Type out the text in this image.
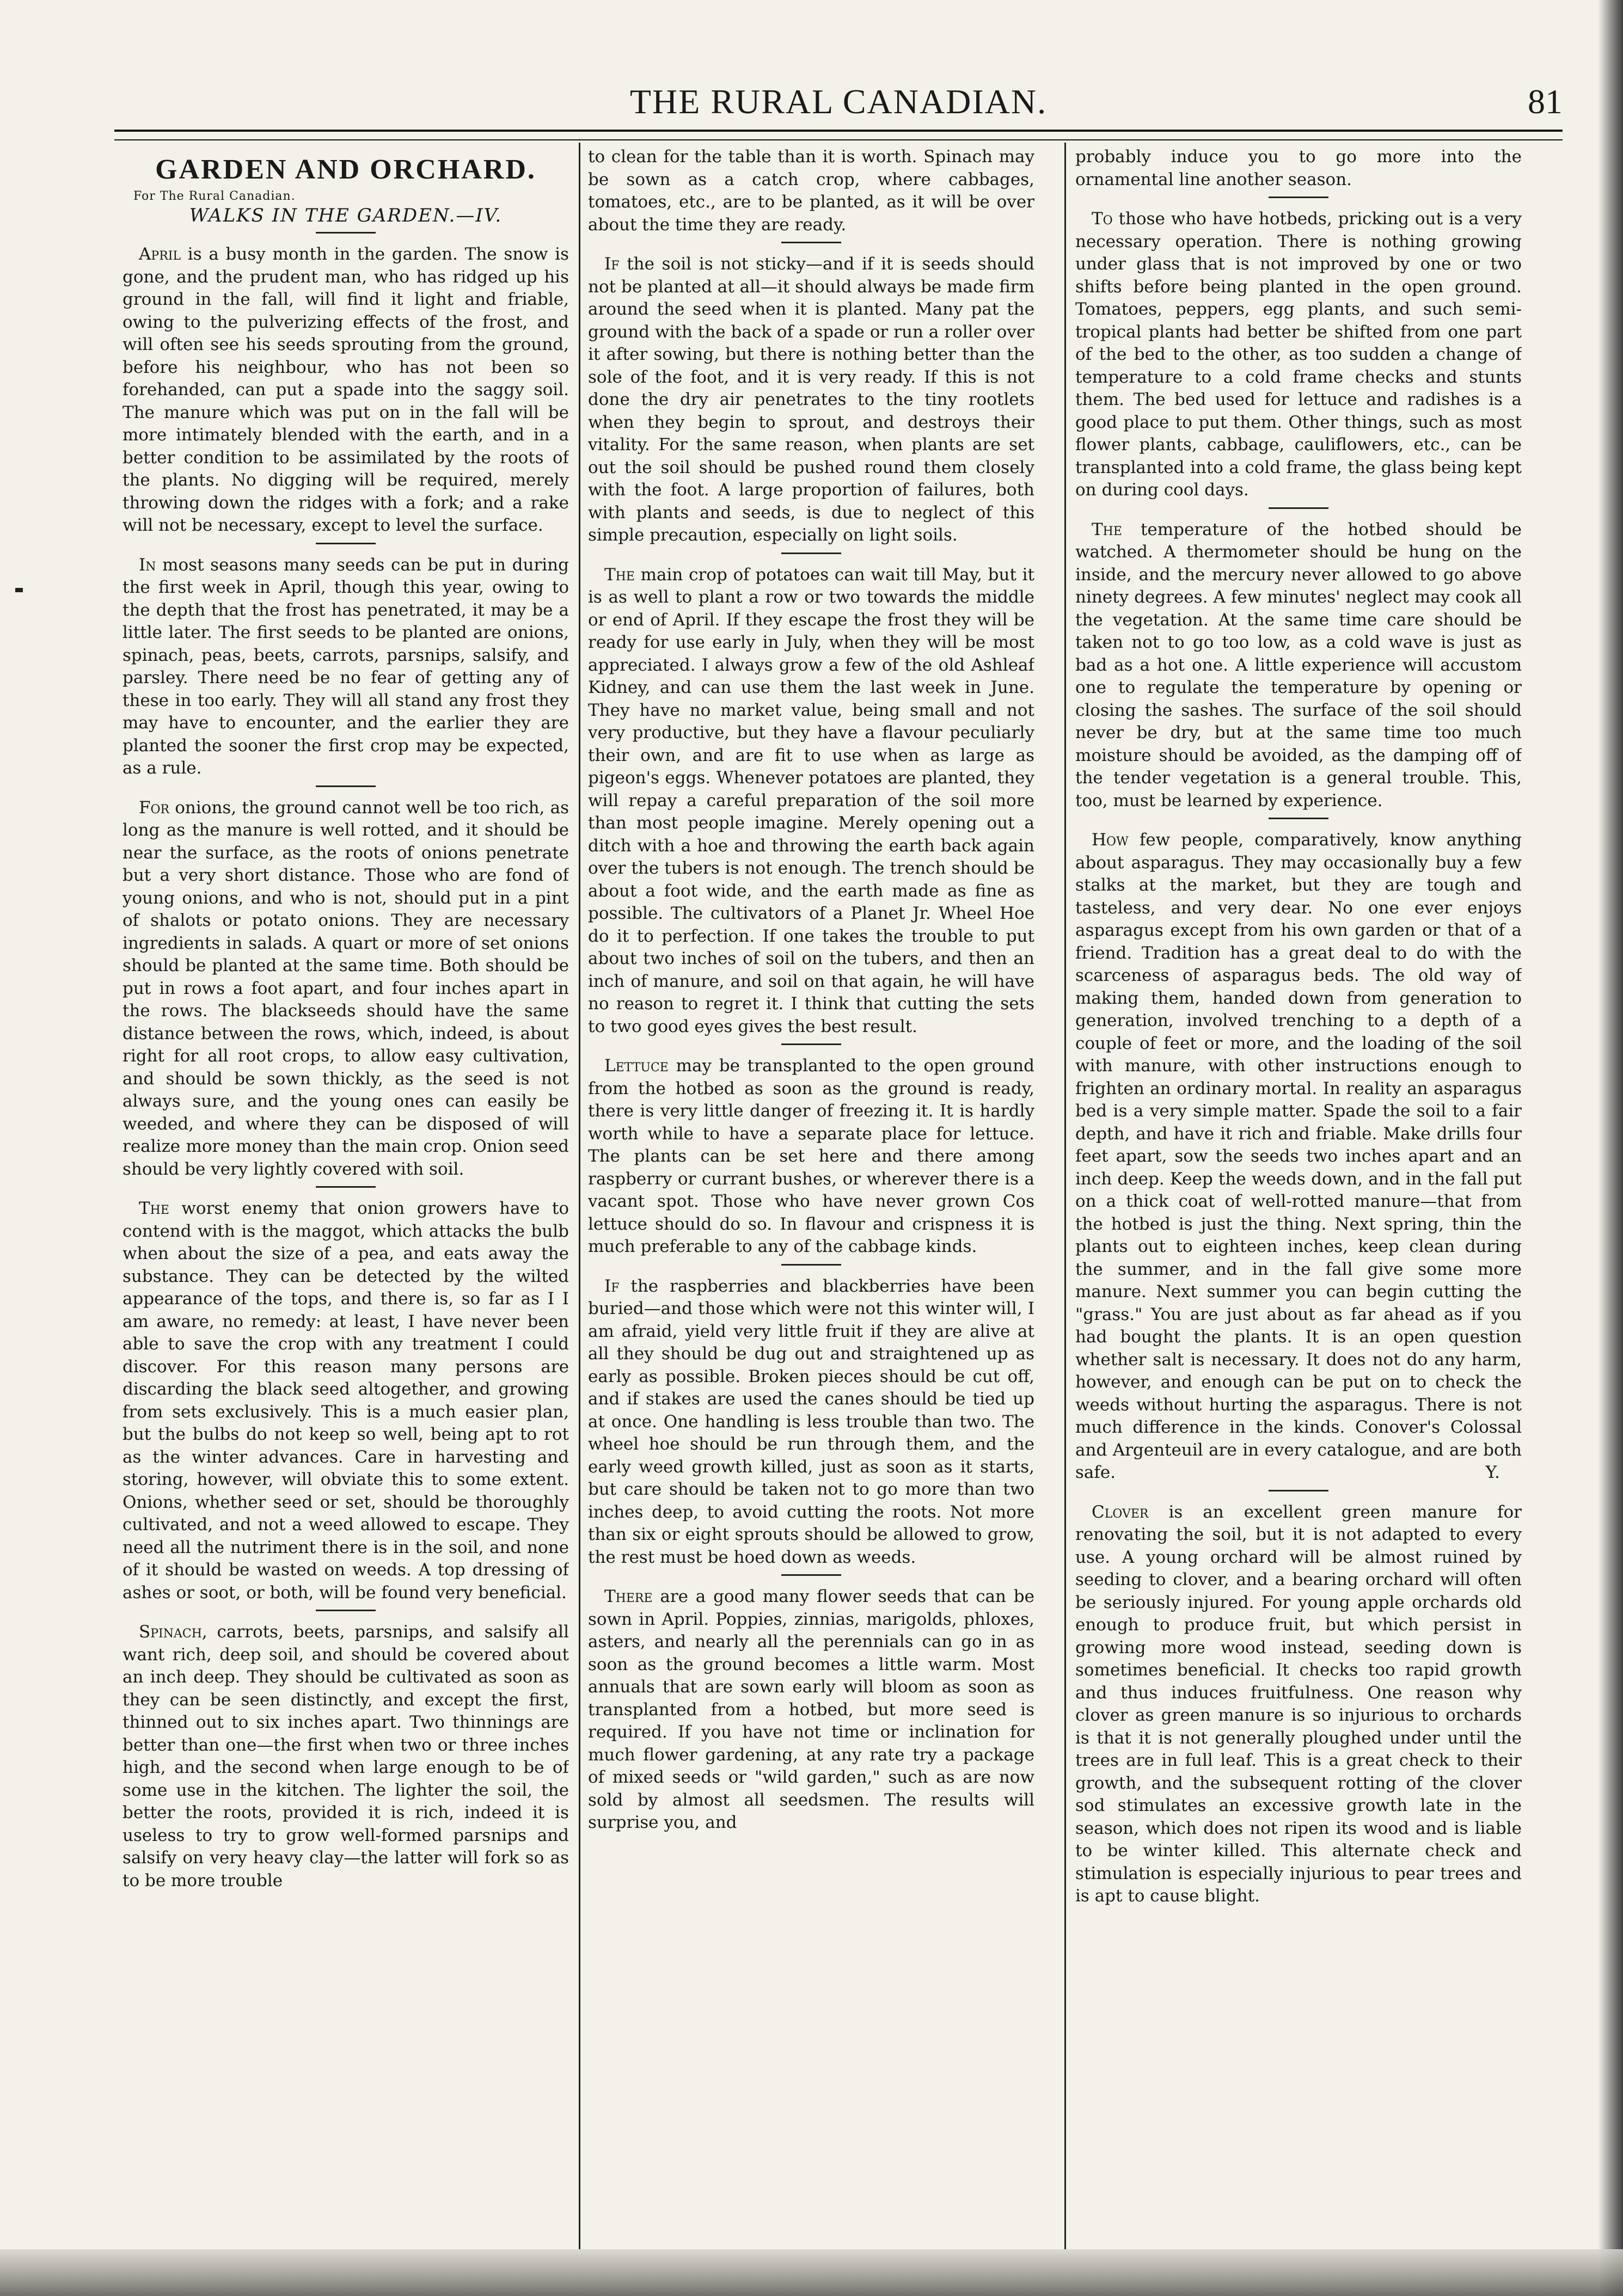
THE RURAL CANADIAN.	81
GARDEN AND ORCHARD.
For The Rural Canadian.
WALKS IN THE GARDEN.—IV.

April is a busy month in the garden. The snow is gone, and the prudent man, who has ridged up his ground in the fall, will find it light and friable, owing to the pulverizing effects of the frost, and will often see his seeds sprouting from the ground, before his neighbour, who has not been so forehanded, can put a spade into the saggy soil. The manure which was put on in the fall will be more intimately blended with the earth, and in a better condition to be assimilated by the roots of the plants. No digging will be required, merely throwing down the ridges with a fork; and a rake will not be necessary, except to level the surface.

In most seasons many seeds can be put in during the first week in April, though this year, owing to the depth that the frost has penetrated, it may be a little later. The first seeds to be planted are onions, spinach, peas, beets, carrots, parsnips, salsify, and parsley. There need be no fear of getting any of these in too early. They will all stand any frost they may have to encounter, and the earlier they are planted the sooner the first crop may be expected, as a rule.

For onions, the ground cannot well be too rich, as long as the manure is well rotted, and it should be near the surface, as the roots of onions penetrate but a very short distance. Those who are fond of young onions, and who is not, should put in a pint of shalots or potato onions. They are necessary ingredients in salads. A quart or more of set onions should be planted at the same time. Both should be put in rows a foot apart, and four inches apart in the rows. The blackseeds should have the same distance between the rows, which, indeed, is about right for all root crops, to allow easy cultivation, and should be sown thickly, as the seed is not always sure, and the young ones can easily be weeded, and where they can be disposed of will realize more money than the main crop. Onion seed should be very lightly covered with soil.

The worst enemy that onion growers have to contend with is the maggot, which attacks the bulb when about the size of a pea, and eats away the substance. They can be detected by the wilted appearance of the tops, and there is, so far as I I am aware, no remedy: at least, I have never been able to save the crop with any treatment I could discover. For this reason many persons are discarding the black seed altogether, and growing from sets exclusively. This is a much easier plan, but the bulbs do not keep so well, being apt to rot as the winter advances. Care in harvesting and storing, however, will obviate this to some extent. Onions, whether seed or set, should be thoroughly cultivated, and not a weed allowed to escape. They need all the nutriment there is in the soil, and none of it should be wasted on weeds. A top dressing of ashes or soot, or both, will be found very beneficial.

Spinach, carrots, beets, parsnips, and salsify all want rich, deep soil, and should be covered about an inch deep. They should be cultivated as soon as they can be seen distinctly, and except the first, thinned out to six inches apart. Two thinnings are better than one—the first when two or three inches high, and the second when large enough to be of some use in the kitchen. The lighter the soil, the better the roots, provided it is rich, indeed it is useless to try to grow well-formed parsnips and salsify on very heavy clay—the latter will fork so as to be more trouble

to clean for the table than it is worth. Spinach may be sown as a catch crop, where cabbages, tomatoes, etc., are to be planted, as it will be over about the time they are ready.

If the soil is not sticky—and if it is seeds should not be planted at all—it should always be made firm around the seed when it is planted. Many pat the ground with the back of a spade or run a roller over it after sowing, but there is nothing better than the sole of the foot, and it is very ready. If this is not done the dry air penetrates to the tiny rootlets when they begin to sprout, and destroys their vitality. For the same reason, when plants are set out the soil should be pushed round them closely with the foot. A large proportion of failures, both with plants and seeds, is due to neglect of this simple precaution, especially on light soils.

The main crop of potatoes can wait till May, but it is as well to plant a row or two towards the middle or end of April. If they escape the frost they will be ready for use early in July, when they will be most appreciated. I always grow a few of the old Ashleaf Kidney, and can use them the last week in June. They have no market value, being small and not very productive, but they have a flavour peculiarly their own, and are fit to use when as large as pigeon's eggs. Whenever potatoes are planted, they will repay a careful preparation of the soil more than most people imagine. Merely opening out a ditch with a hoe and throwing the earth back again over the tubers is not enough. The trench should be about a foot wide, and the earth made as fine as possible. The cultivators of a Planet Jr. Wheel Hoe do it to perfection. If one takes the trouble to put about two inches of soil on the tubers, and then an inch of manure, and soil on that again, he will have no reason to regret it. I think that cutting the sets to two good eyes gives the best result.

Lettuce may be transplanted to the open ground from the hotbed as soon as the ground is ready, there is very little danger of freezing it. It is hardly worth while to have a separate place for lettuce. The plants can be set here and there among raspberry or currant bushes, or wherever there is a vacant spot. Those who have never grown Cos lettuce should do so. In flavour and crispness it is much preferable to any of the cabbage kinds.

If the raspberries and blackberries have been buried—and those which were not this winter will, I am afraid, yield very little fruit if they are alive at all they should be dug out and straightened up as early as possible. Broken pieces should be cut off, and if stakes are used the canes should be tied up at once. One handling is less trouble than two. The wheel hoe should be run through them, and the early weed growth killed, just as soon as it starts, but care should be taken not to go more than two inches deep, to avoid cutting the roots. Not more than six or eight sprouts should be allowed to grow, the rest must be hoed down as weeds.

There are a good many flower seeds that can be sown in April. Poppies, zinnias, marigolds, phloxes, asters, and nearly all the perennials can go in as soon as the ground becomes a little warm. Most annuals that are sown early will bloom as soon as transplanted from a hotbed, but more seed is required. If you have not time or inclination for much flower gardening, at any rate try a package of mixed seeds or "wild garden," such as are now sold by almost all seedsmen. The results will surprise you, and

probably induce you to go more into the ornamental line another season.

To those who have hotbeds, pricking out is a very necessary operation. There is nothing growing under glass that is not improved by one or two shifts before being planted in the open ground. Tomatoes, peppers, egg plants, and such semi-tropical plants had better be shifted from one part of the bed to the other, as too sudden a change of temperature to a cold frame checks and stunts them. The bed used for lettuce and radishes is a good place to put them. Other things, such as most flower plants, cabbage, cauliflowers, etc., can be transplanted into a cold frame, the glass being kept on during cool days.

The temperature of the hotbed should be watched. A thermometer should be hung on the inside, and the mercury never allowed to go above ninety degrees. A few minutes' neglect may cook all the vegetation. At the same time care should be taken not to go too low, as a cold wave is just as bad as a hot one. A little experience will accustom one to regulate the temperature by opening or closing the sashes. The surface of the soil should never be dry, but at the same time too much moisture should be avoided, as the damping off of the tender vegetation is a general trouble. This, too, must be learned by experience.

How few people, comparatively, know anything about asparagus. They may occasionally buy a few stalks at the market, but they are tough and tasteless, and very dear. No one ever enjoys asparagus except from his own garden or that of a friend. Tradition has a great deal to do with the scarceness of asparagus beds. The old way of making them, handed down from generation to generation, involved trenching to a depth of a couple of feet or more, and the loading of the soil with manure, with other instructions enough to frighten an ordinary mortal. In reality an asparagus bed is a very simple matter. Spade the soil to a fair depth, and have it rich and friable. Make drills four feet apart, sow the seeds two inches apart and an inch deep. Keep the weeds down, and in the fall put on a thick coat of well-rotted manure—that from the hotbed is just the thing. Next spring, thin the plants out to eighteen inches, keep clean during the summer, and in the fall give some more manure. Next summer you can begin cutting the "grass." You are just about as far ahead as if you had bought the plants. It is an open question whether salt is necessary. It does not do any harm, however, and enough can be put on to check the weeds without hurting the asparagus. There is not much difference in the kinds. Conover's Colossal and Argenteuil are in every catalogue, and are both safe.	Y.

Clover is an excellent green manure for renovating the soil, but it is not adapted to every use. A young orchard will be almost ruined by seeding to clover, and a bearing orchard will often be seriously injured. For young apple orchards old enough to produce fruit, but which persist in growing more wood instead, seeding down is sometimes beneficial. It checks too rapid growth and thus induces fruitfulness. One reason why clover as green manure is so injurious to orchards is that it is not generally ploughed under until the trees are in full leaf. This is a great check to their growth, and the subsequent rotting of the clover sod stimulates an excessive growth late in the season, which does not ripen its wood and is liable to be winter killed. This alternate check and stimulation is especially injurious to pear trees and is apt to cause blight.
